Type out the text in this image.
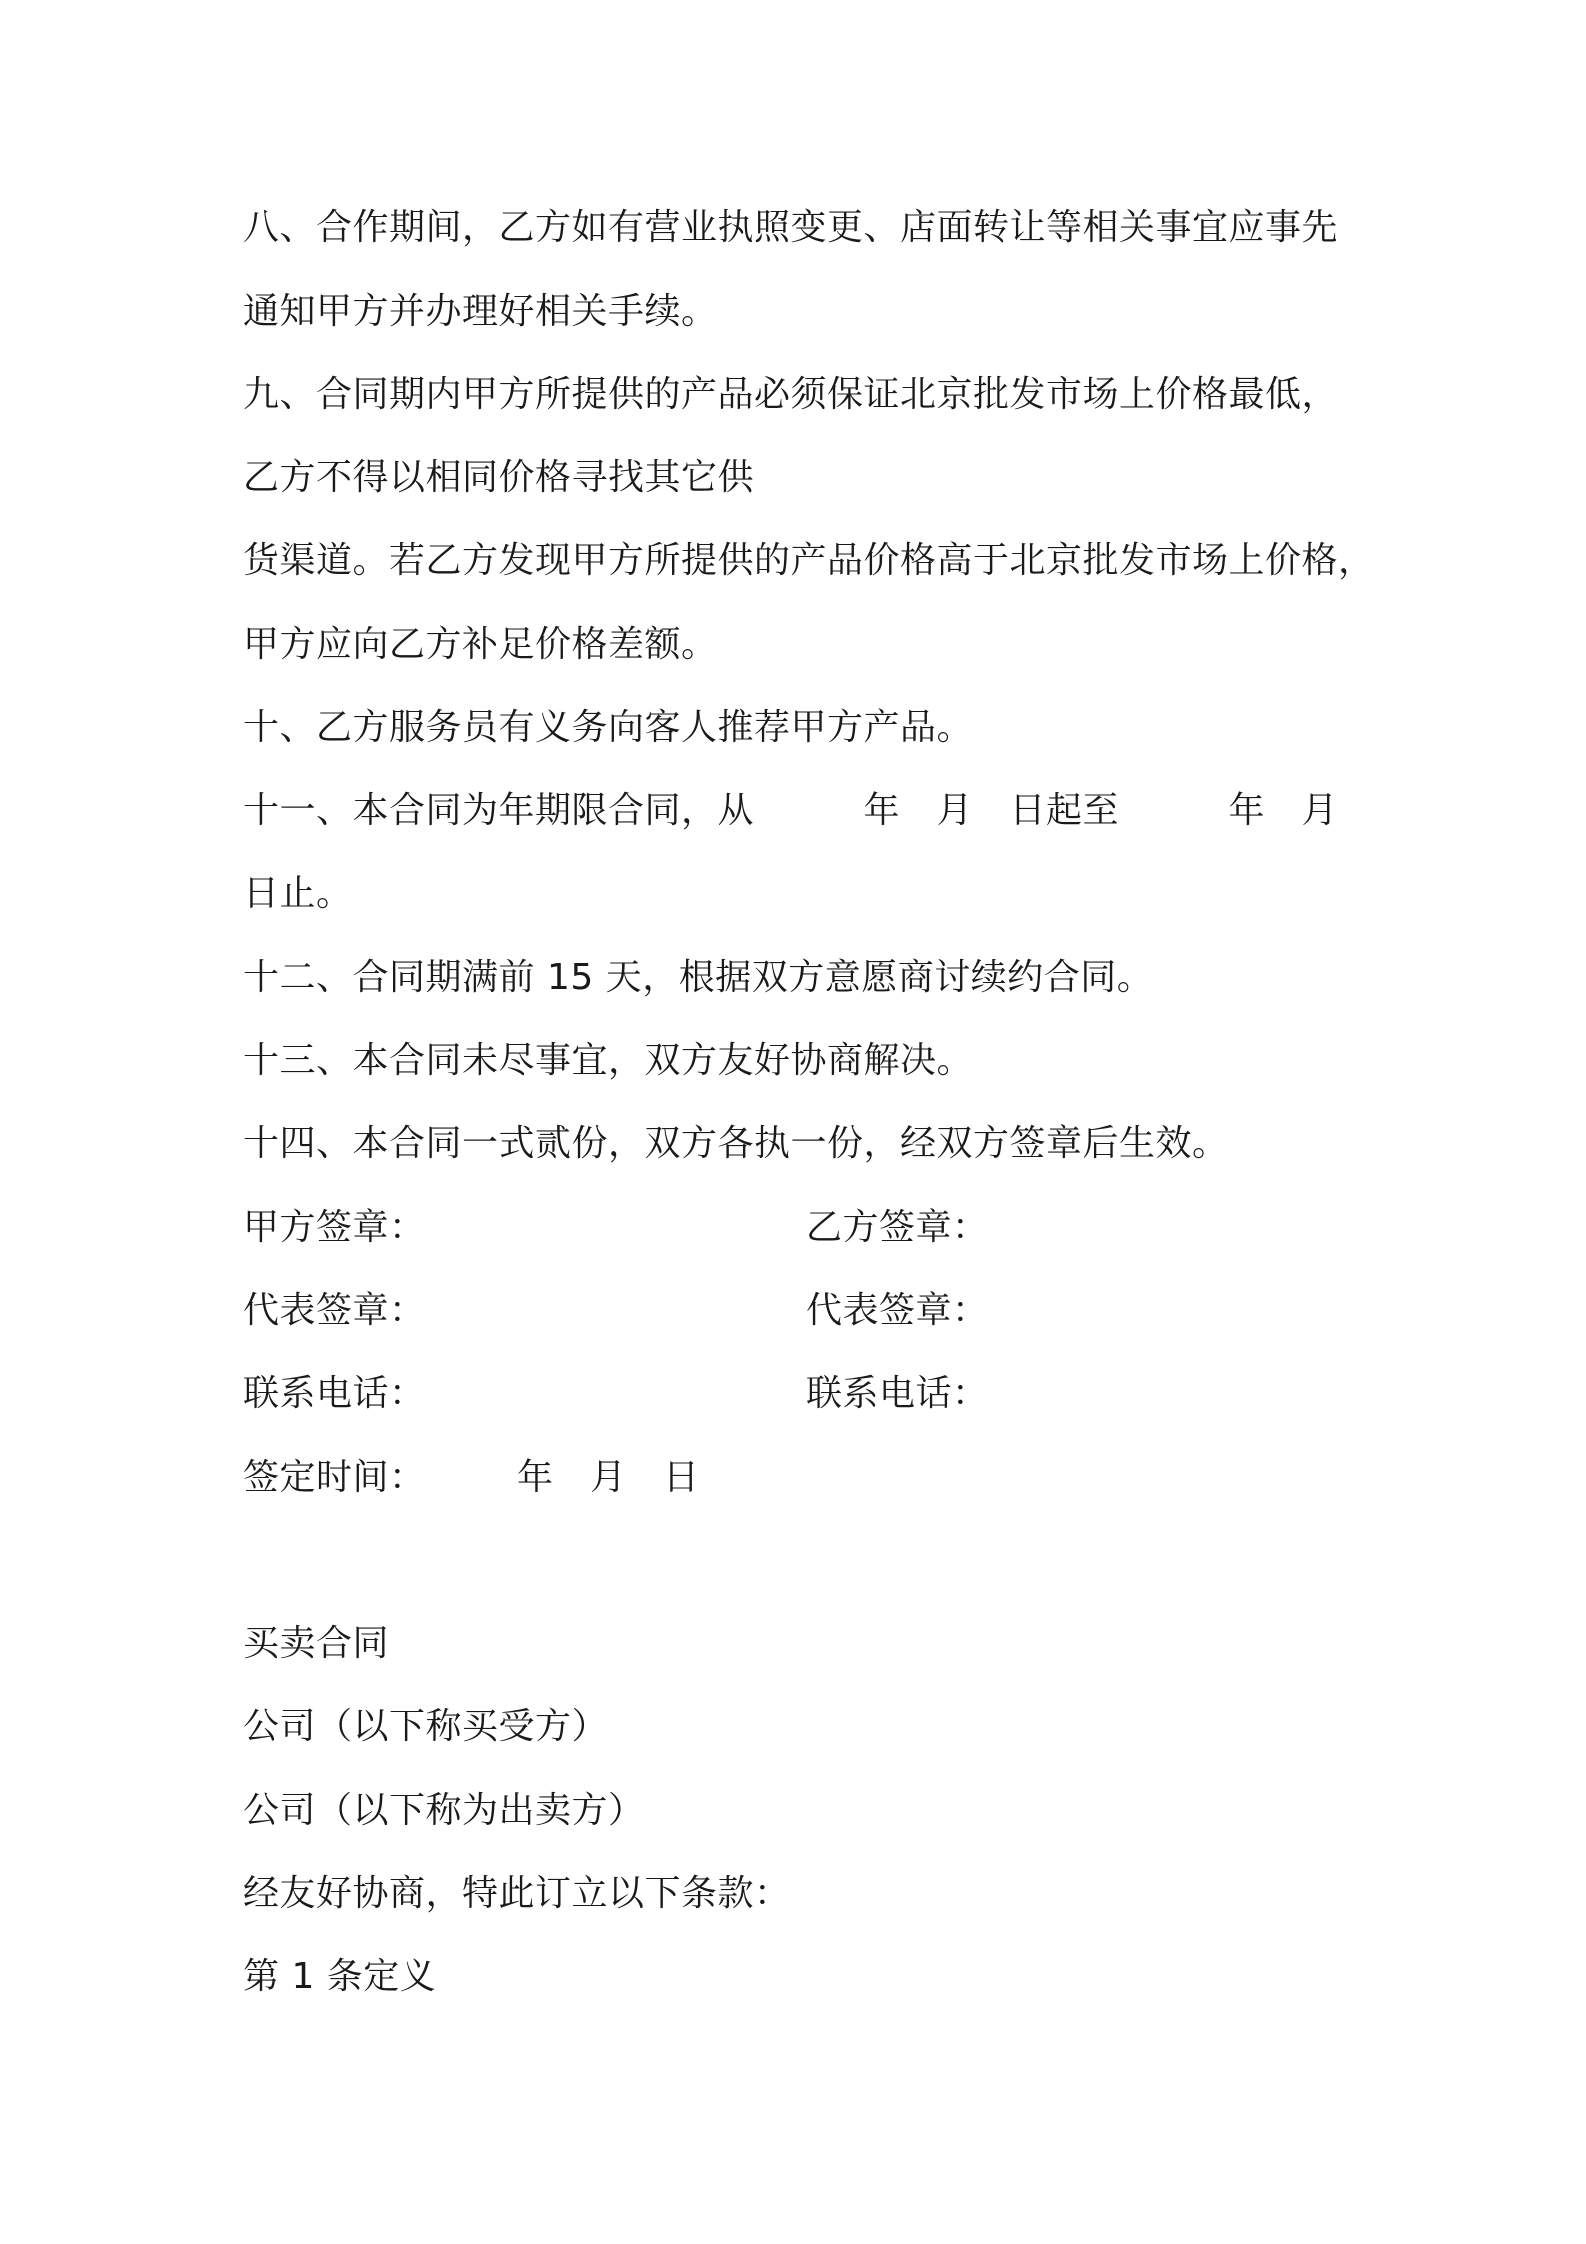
八、合作期间，乙方如有营业执照变更、店面转让等相关事宜应事先
通知甲方并办理好相关手续。
九、合同期内甲方所提供的产品必须保证北京批发市场上价格最低，
乙方不得以相同价格寻找其它供
货渠道。若乙方发现甲方所提供的产品价格高于北京批发市场上价格，
甲方应向乙方补足价格差额。
十、乙方服务员有义务向客人推荐甲方产品。
十一、本合同为年期限合同，从　　　年　月　日起至　　　年　月
日止。
十二、合同期满前 15 天，根据双方意愿商讨续约合同。
十三、本合同未尽事宜，双方友好协商解决。
十四、本合同一式贰份，双方各执一份，经双方签章后生效。
甲方签章：	乙方签章：
代表签章：	代表签章：
联系电话：	联系电话：
签定时间：　　　年　月　日
买卖合同
公司（以下称买受方）
公司（以下称为出卖方）
经友好协商，特此订立以下条款：
第 1 条定义
